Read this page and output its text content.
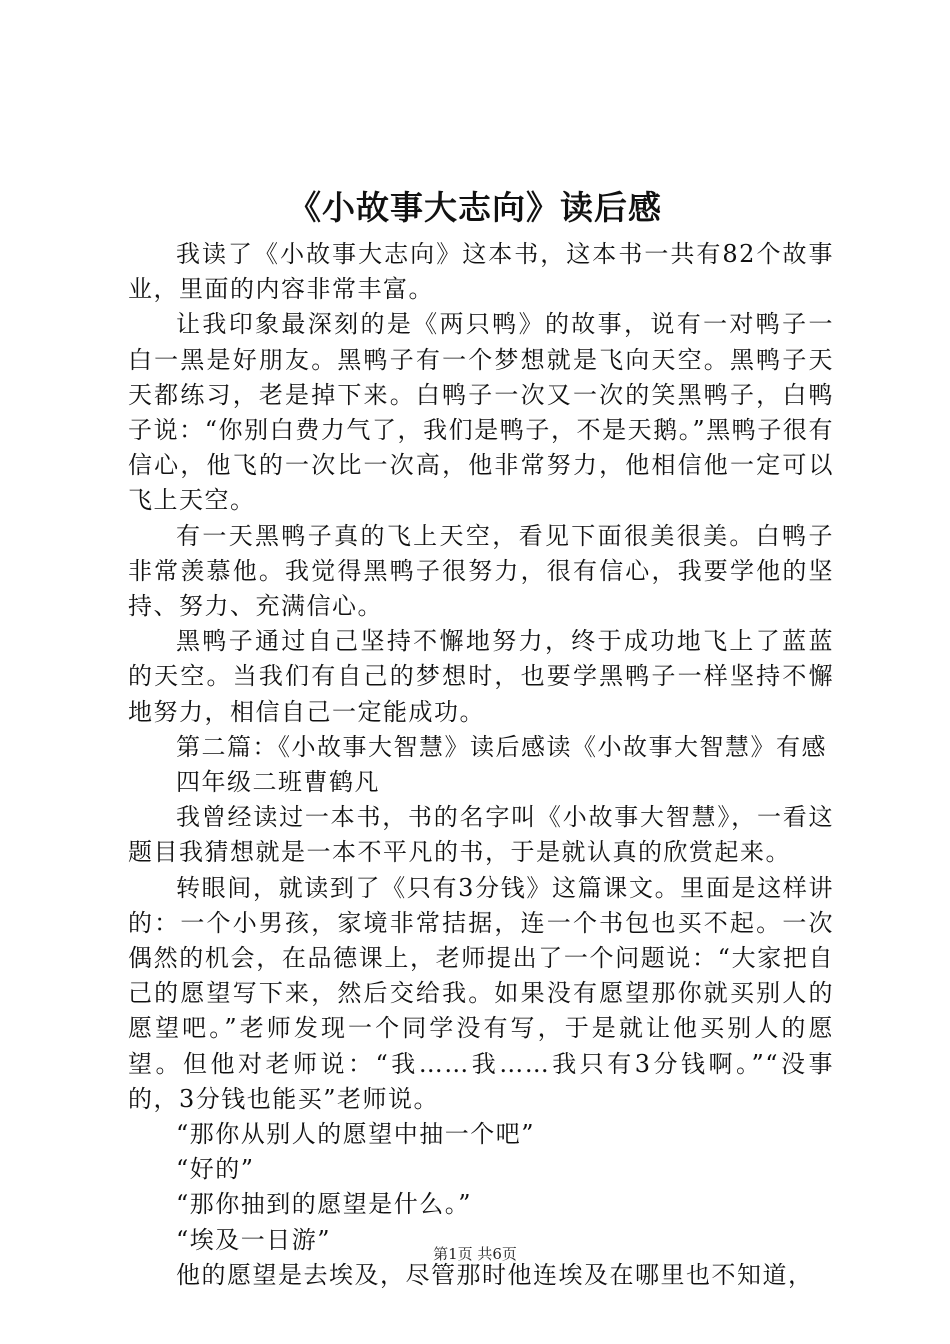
《小故事大志向》读后感

我读了《小故事大志向》这本书，这本书一共有82个故事业，里面的内容非常丰富。

让我印象最深刻的是《两只鸭》的故事，说有一对鸭子一白一黑是好朋友。黑鸭子有一个梦想就是飞向天空。黑鸭子天天都练习，老是掉下来。白鸭子一次又一次的笑黑鸭子，白鸭子说：“你别白费力气了，我们是鸭子，不是天鹅。”黑鸭子很有信心，他飞的一次比一次高，他非常努力，他相信他一定可以飞上天空。

有一天黑鸭子真的飞上天空，看见下面很美很美。白鸭子非常羡慕他。我觉得黑鸭子很努力，很有信心，我要学他的坚持、努力、充满信心。

黑鸭子通过自己坚持不懈地努力，终于成功地飞上了蓝蓝的天空。当我们有自己的梦想时，也要学黑鸭子一样坚持不懈地努力，相信自己一定能成功。

第二篇：《小故事大智慧》读后感读《小故事大智慧》有感

四年级二班曹鹤凡

我曾经读过一本书，书的名字叫《小故事大智慧》，一看这题目我猜想就是一本不平凡的书，于是就认真的欣赏起来。

转眼间，就读到了《只有3分钱》这篇课文。里面是这样讲的：一个小男孩，家境非常拮据，连一个书包也买不起。一次偶然的机会，在品德课上，老师提出了一个问题说：“大家把自己的愿望写下来，然后交给我。如果没有愿望那你就买别人的愿望吧。”老师发现一个同学没有写，于是就让他买别人的愿望。但他对老师说：“我……我……我只有3分钱啊。”“没事的，3分钱也能买”老师说。

“那你从别人的愿望中抽一个吧”

“好的”

“那你抽到的愿望是什么。”

“埃及一日游”

他的愿望是去埃及，尽管那时他连埃及在哪里也不知道，

第1页 共6页
